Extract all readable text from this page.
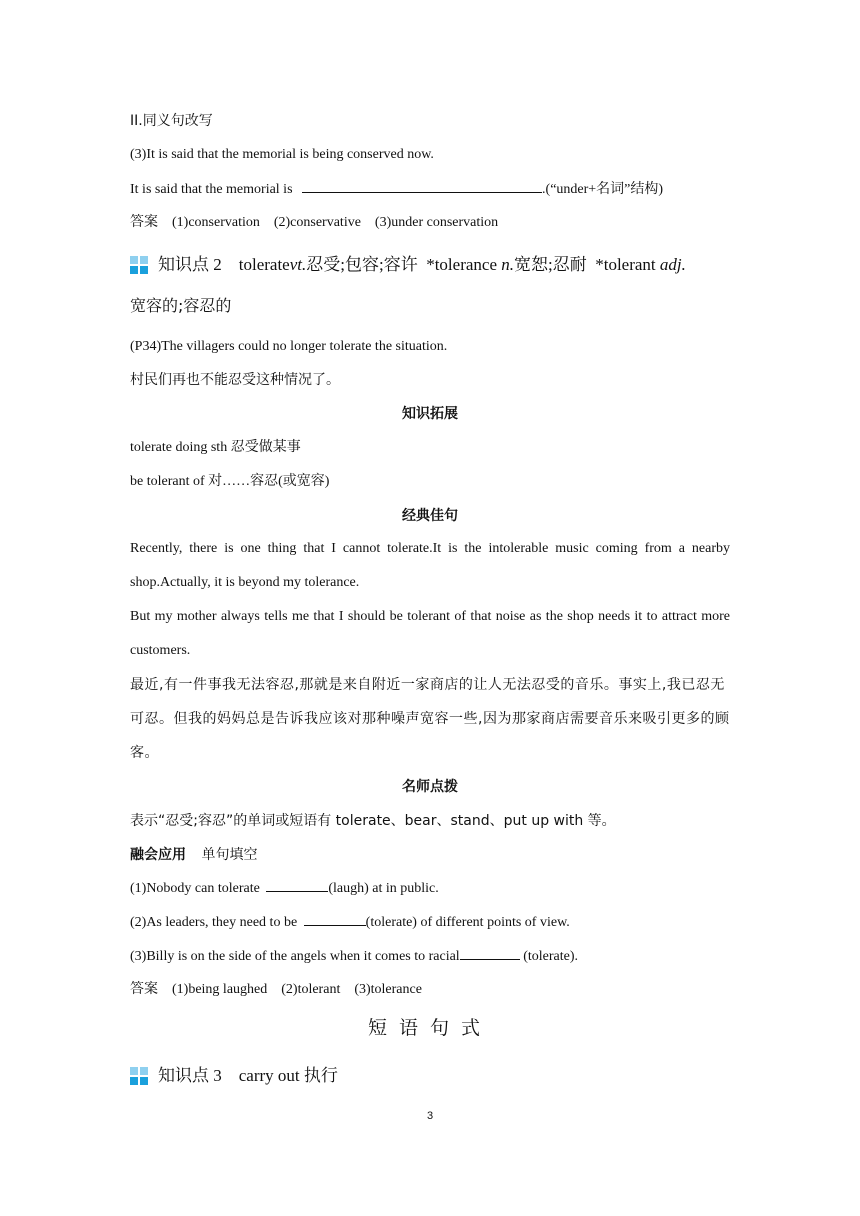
II.同义句改写
(3)It is said that the memorial is being conserved now.
It is said that the memorial is	.(“under+名词”结构)
答案　(1)conservation　(2)conservative　(3)under conservation
知识点 2　tolerate vt. 忍受;包容;容许  *tolerance n. 宽恕;忍耐  *tolerant adj.
宽容的;容忍的
(P34)The villagers could no longer tolerate the situation.
村民们再也不能忍受这种情况了。
知识拓展
tolerate doing sth 忍受做某事
be tolerant of 对……容忍(或宽容)
经典佳句
Recently, there is one thing that I cannot tolerate.It is the intolerable music coming from a nearby shop.Actually, it is beyond my tolerance.
But my mother always tells me that I should be tolerant of that noise as the shop needs it to attract more customers.
最近,有一件事我无法容忍,那就是来自附近一家商店的让人无法忍受的音乐。事实上,我已忍无可忍。但我的妈妈总是告诉我应该对那种噪声宽容一些,因为那家商店需要音乐来吸引更多的顾客。
名师点拨
表示“忍受;容忍”的单词或短语有 tolerate、bear、stand、put up with 等。
融会应用 单句填空
(1)Nobody can tolerate	(laugh) at in public.
(2)As leaders, they need to be	(tolerate) of different points of view.
(3)Billy is on the side of the angels when it comes to racial	(tolerate).
答案　(1)being laughed　(2)tolerant　(3)tolerance
短语句式
知识点 3　carry out 执行
3
